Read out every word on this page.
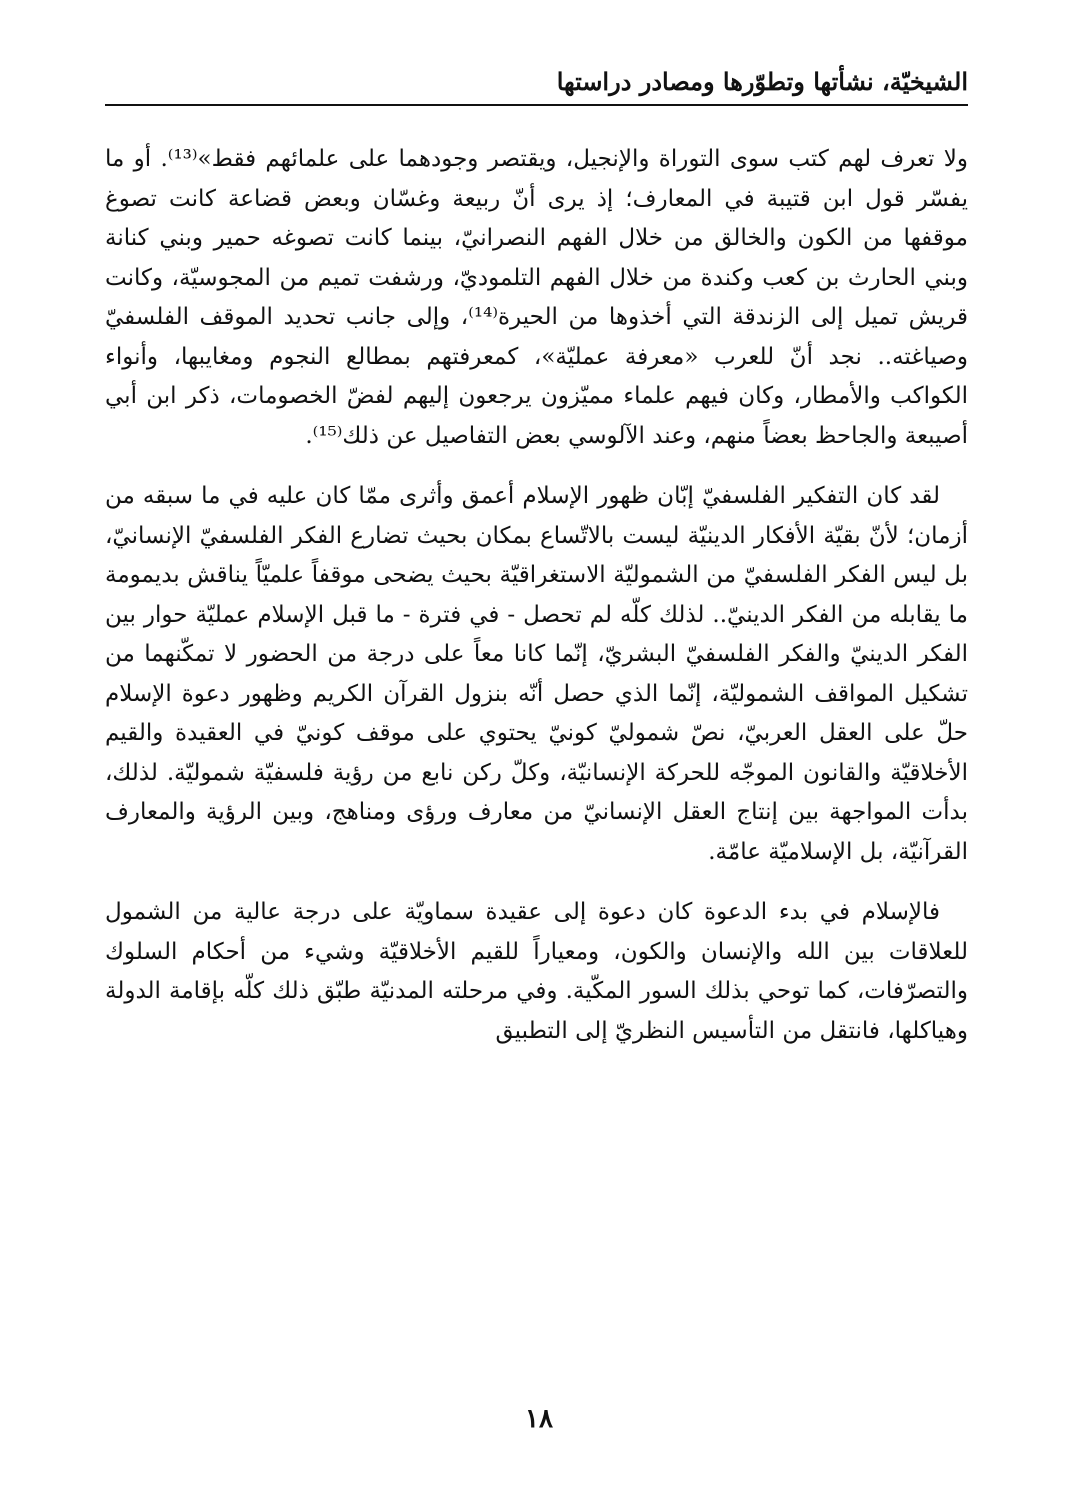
الشيخيّة، نشأتها وتطوّرها ومصادر دراستها

ولا تعرف لهم كتب سوى التوراة والإنجيل، ويقتصر وجودهما على علمائهم فقط»⁽¹³⁾. أو ما يفسّر قول ابن قتيبة في المعارف؛ إذ يرى أنّ ربيعة وغسّان وبعض قضاعة كانت تصوغ موقفها من الكون والخالق من خلال الفهم النصرانيّ، بينما كانت تصوغه حمير وبني كنانة وبني الحارث بن كعب وكندة من خلال الفهم التلموديّ، ورشفت تميم من المجوسيّة، وكانت قريش تميل إلى الزندقة التي أخذوها من الحيرة⁽¹⁴⁾، وإلى جانب تحديد الموقف الفلسفيّ وصياغته.. نجد أنّ للعرب «معرفة عمليّة»، كمعرفتهم بمطالع النجوم ومغايبها، وأنواء الكواكب والأمطار، وكان فيهم علماء مميّزون يرجعون إليهم لفضّ الخصومات، ذكر ابن أبي أصيبعة والجاحظ بعضاً منهم، وعند الآلوسي بعض التفاصيل عن ذلك⁽¹⁵⁾.

لقد كان التفكير الفلسفيّ إبّان ظهور الإسلام أعمق وأثرى ممّا كان عليه في ما سبقه من أزمان؛ لأنّ بقيّة الأفكار الدينيّة ليست بالاتّساع بمكان بحيث تضارع الفكر الفلسفيّ الإنسانيّ، بل ليس الفكر الفلسفيّ من الشموليّة الاستغراقيّة بحيث يضحى موقفاً علميّاً يناقش بديمومة ما يقابله من الفكر الدينيّ.. لذلك كلّه لم تحصل - في فترة - ما قبل الإسلام عمليّة حوار بين الفكر الدينيّ والفكر الفلسفيّ البشريّ، إنّما كانا معاً على درجة من الحضور لا تمكّنهما من تشكيل المواقف الشموليّة، إنّما الذي حصل أنّه بنزول القرآن الكريم وظهور دعوة الإسلام حلّ على العقل العربيّ، نصّ شموليّ كونيّ يحتوي على موقف كونيّ في العقيدة والقيم الأخلاقيّة والقانون الموجّه للحركة الإنسانيّة، وكلّ ركن نابع من رؤية فلسفيّة شموليّة. لذلك، بدأت المواجهة بين إنتاج العقل الإنسانيّ من معارف ورؤى ومناهج، وبين الرؤية والمعارف القرآنيّة، بل الإسلاميّة عامّة.

فالإسلام في بدء الدعوة كان دعوة إلى عقيدة سماويّة على درجة عالية من الشمول للعلاقات بين الله والإنسان والكون، ومعياراً للقيم الأخلاقيّة وشيء من أحكام السلوك والتصرّفات، كما توحي بذلك السور المكّية. وفي مرحلته المدنيّة طبّق ذلك كلّه بإقامة الدولة وهياكلها، فانتقل من التأسيس النظريّ إلى التطبيق

١٨
